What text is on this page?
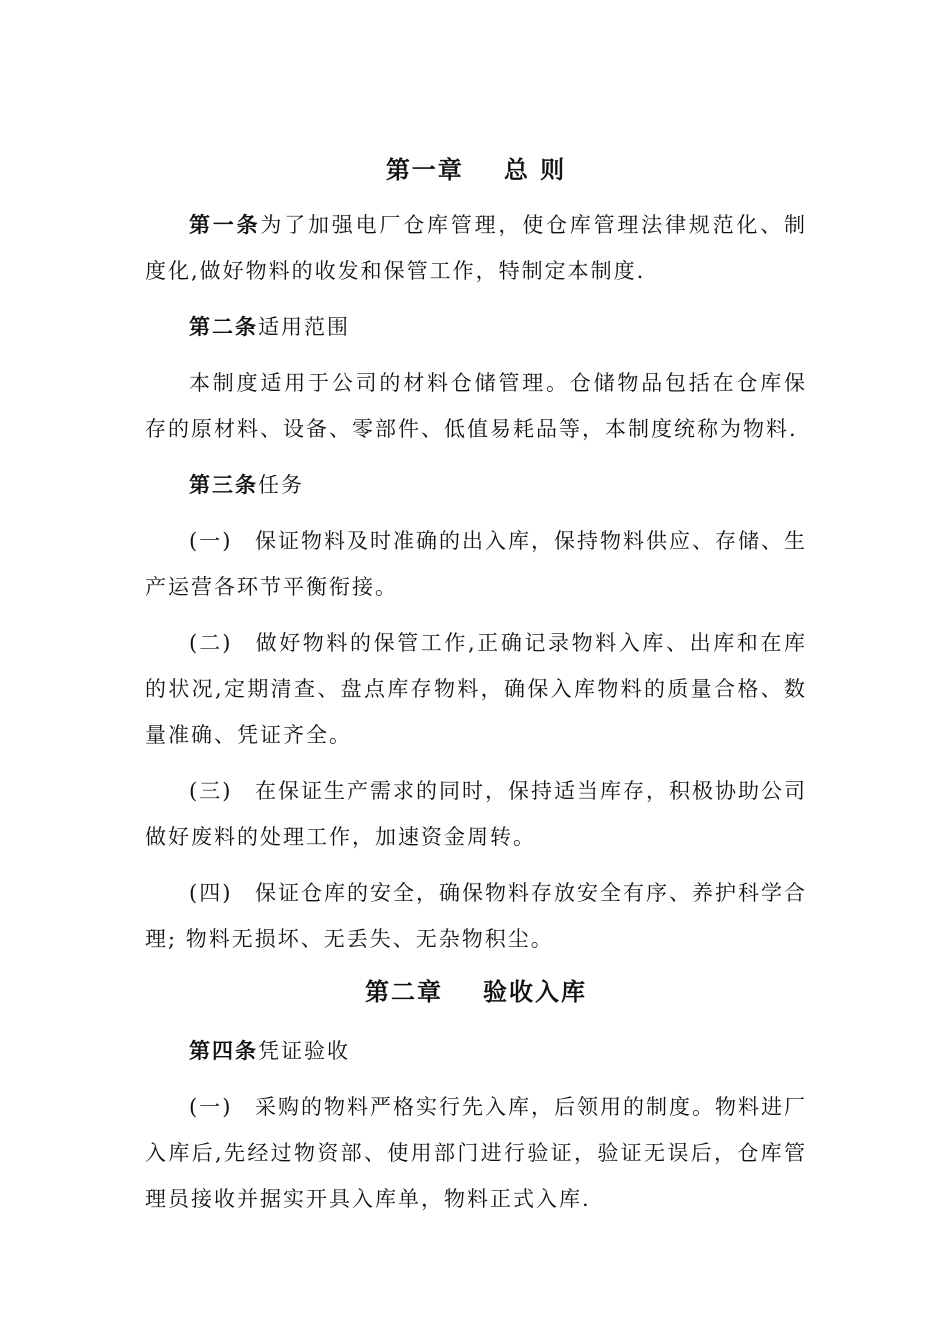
第一章 总 则

第一条为了加强电厂仓库管理，使仓库管理法律规范化、制度化,做好物料的收发和保管工作，特制定本制度.

第二条适用范围

本制度适用于公司的材料仓储管理。仓储物品包括在仓库保存的原材料、设备、零部件、低值易耗品等，本制度统称为物料.

第三条任务

(一) 保证物料及时准确的出入库，保持物料供应、存储、生产运营各环节平衡衔接。

(二) 做好物料的保管工作,正确记录物料入库、出库和在库的状况,定期清查、盘点库存物料，确保入库物料的质量合格、数量准确、凭证齐全。

(三) 在保证生产需求的同时，保持适当库存，积极协助公司做好废料的处理工作，加速资金周转。

(四) 保证仓库的安全，确保物料存放安全有序、养护科学合理; 物料无损坏、无丢失、无杂物积尘。

第二章 验收入库

第四条凭证验收

(一) 采购的物料严格实行先入库，后领用的制度。物料进厂入库后,先经过物资部、使用部门进行验证，验证无误后，仓库管理员接收并据实开具入库单，物料正式入库.
